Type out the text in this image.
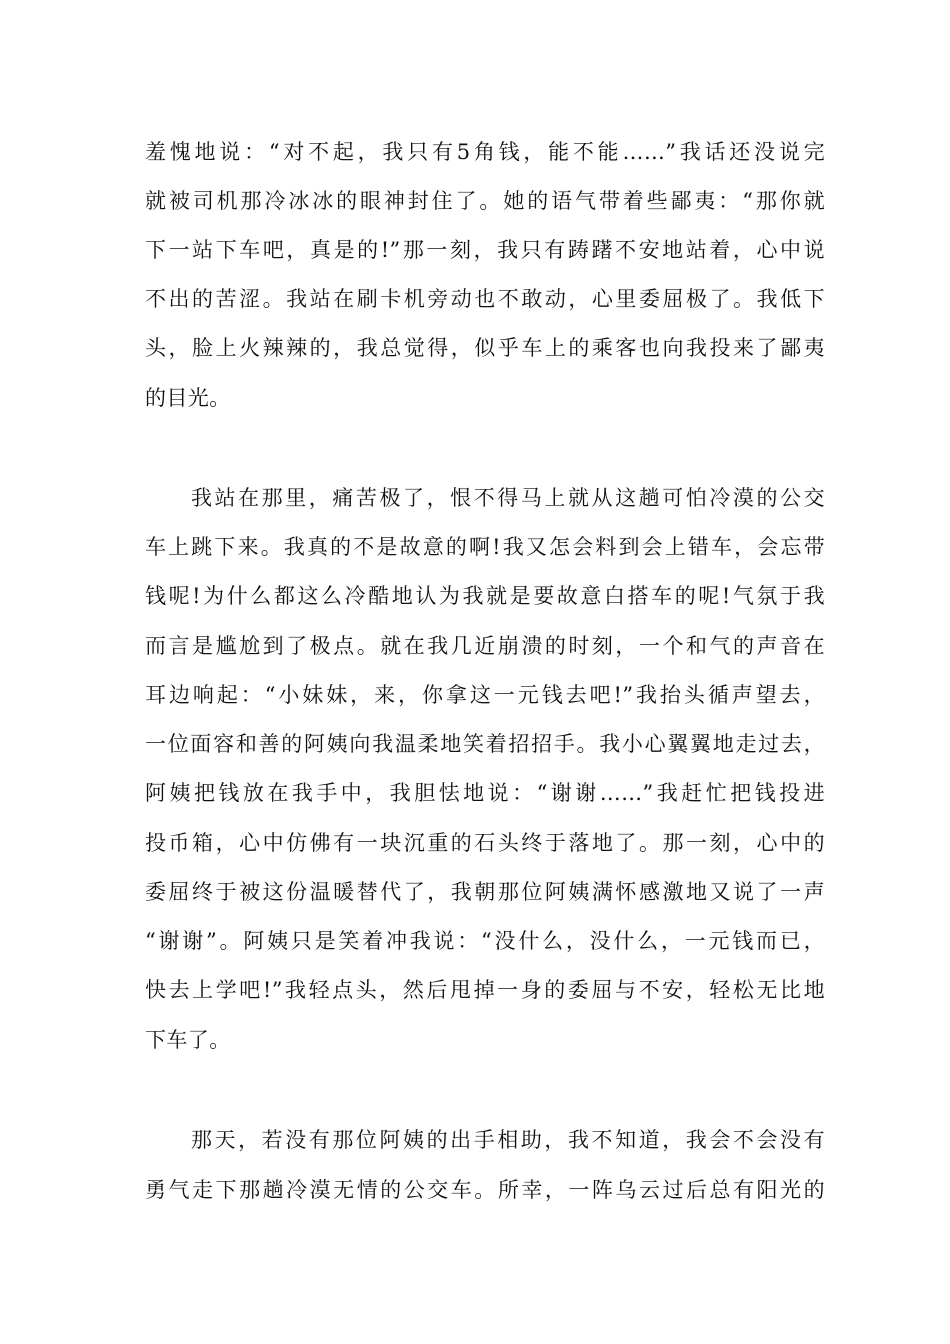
羞愧地说：“对不起，我只有5角钱，能不能……”我话还没说完
就被司机那冷冰冰的眼神封住了。她的语气带着些鄙夷：“那你就
下一站下车吧，真是的!”那一刻，我只有踌躇不安地站着，心中说
不出的苦涩。我站在刷卡机旁动也不敢动，心里委屈极了。我低下
头，脸上火辣辣的，我总觉得，似乎车上的乘客也向我投来了鄙夷
的目光。
我站在那里，痛苦极了，恨不得马上就从这趟可怕冷漠的公交
车上跳下来。我真的不是故意的啊!我又怎会料到会上错车，会忘带
钱呢!为什么都这么冷酷地认为我就是要故意白搭车的呢!气氛于我
而言是尴尬到了极点。就在我几近崩溃的时刻，一个和气的声音在
耳边响起：“小妹妹，来，你拿这一元钱去吧!”我抬头循声望去，
一位面容和善的阿姨向我温柔地笑着招招手。我小心翼翼地走过去，
阿姨把钱放在我手中，我胆怯地说：“谢谢……”我赶忙把钱投进
投币箱，心中仿佛有一块沉重的石头终于落地了。那一刻，心中的
委屈终于被这份温暖替代了，我朝那位阿姨满怀感激地又说了一声
“谢谢”。阿姨只是笑着冲我说：“没什么，没什么，一元钱而已，
快去上学吧!”我轻点头，然后甩掉一身的委屈与不安，轻松无比地
下车了。
那天，若没有那位阿姨的出手相助，我不知道，我会不会没有
勇气走下那趟冷漠无情的公交车。所幸，一阵乌云过后总有阳光的
